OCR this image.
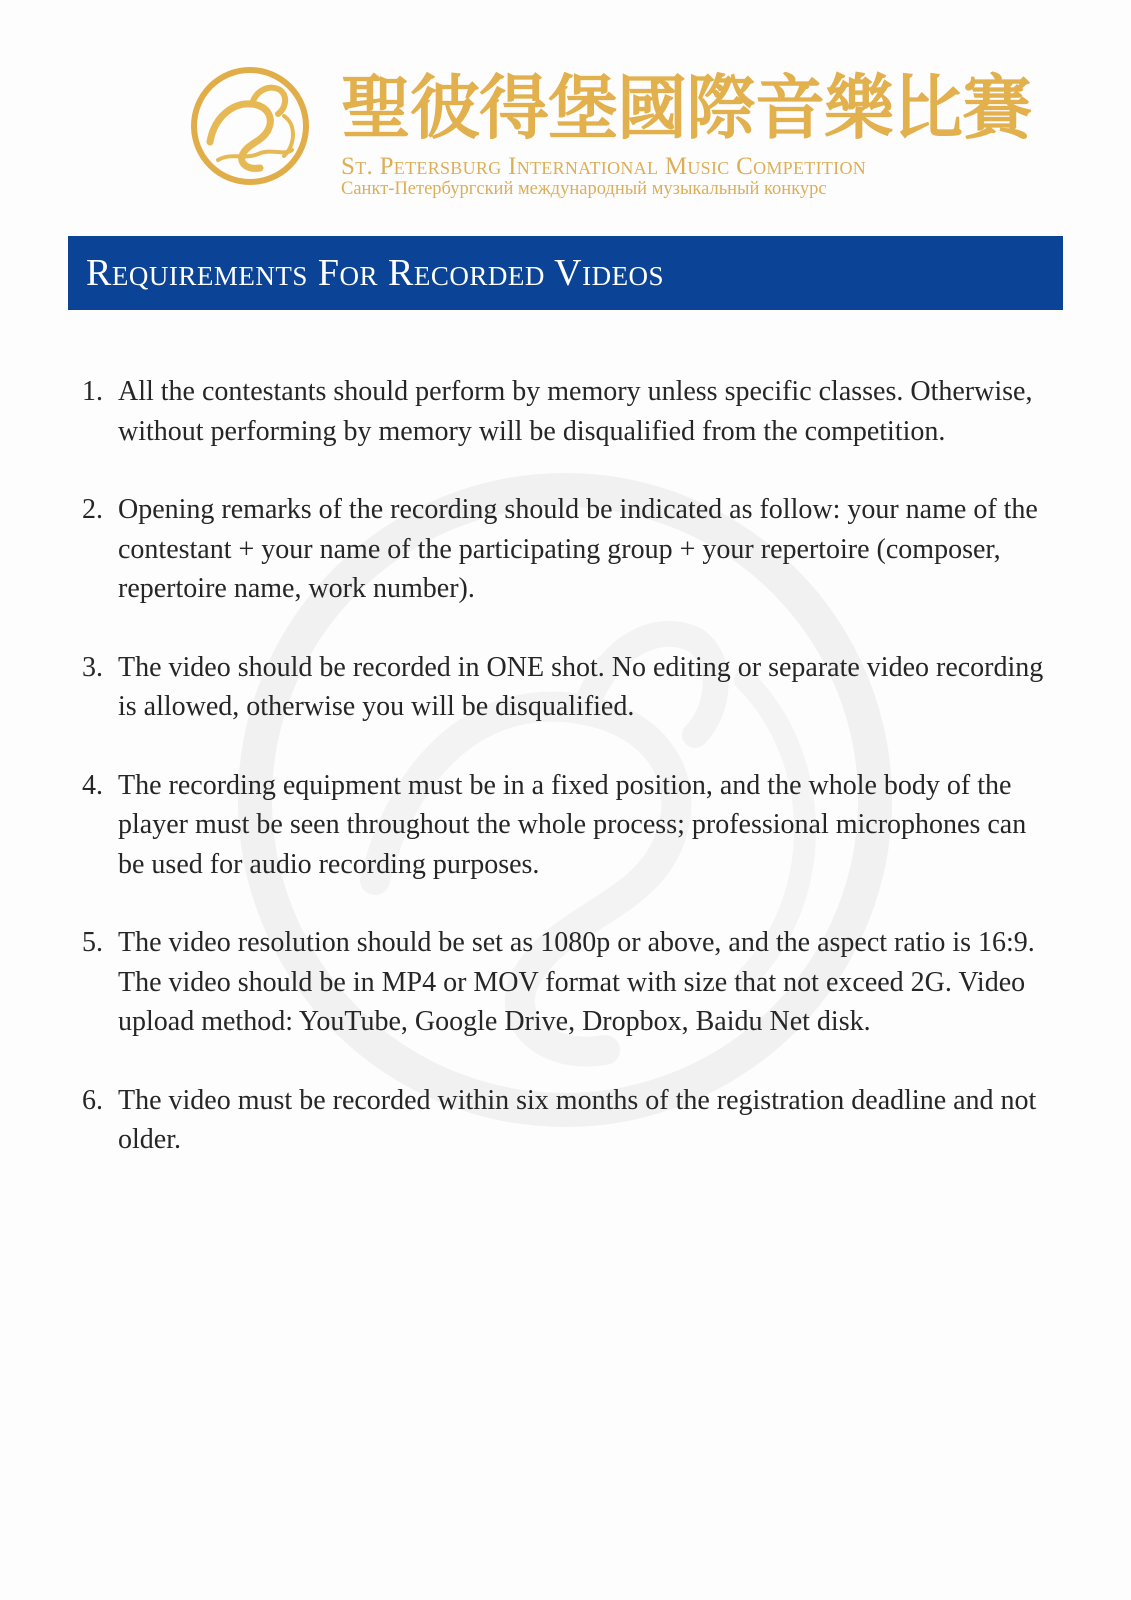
聖彼得堡國際音樂比賽
St. Petersburg International Music Competition
Санкт-Петербургский международный музыкальный конкурс
Requirements For Recorded Videos
1. All the contestants should perform by memory unless specific classes. Otherwise, without performing by memory will be disqualified from the competition.
2. Opening remarks of the recording should be indicated as follow: your name of the contestant + your name of the participating group + your repertoire (composer, repertoire name, work number).
3. The video should be recorded in ONE shot. No editing or separate video recording is allowed, otherwise you will be disqualified.
4. The recording equipment must be in a fixed position, and the whole body of the player must be seen throughout the whole process; professional microphones can be used for audio recording purposes.
5. The video resolution should be set as 1080p or above, and the aspect ratio is 16:9. The video should be in MP4 or MOV format with size that not exceed 2G. Video upload method: YouTube, Google Drive, Dropbox, Baidu Net disk.
6. The video must be recorded within six months of the registration deadline and not older.
